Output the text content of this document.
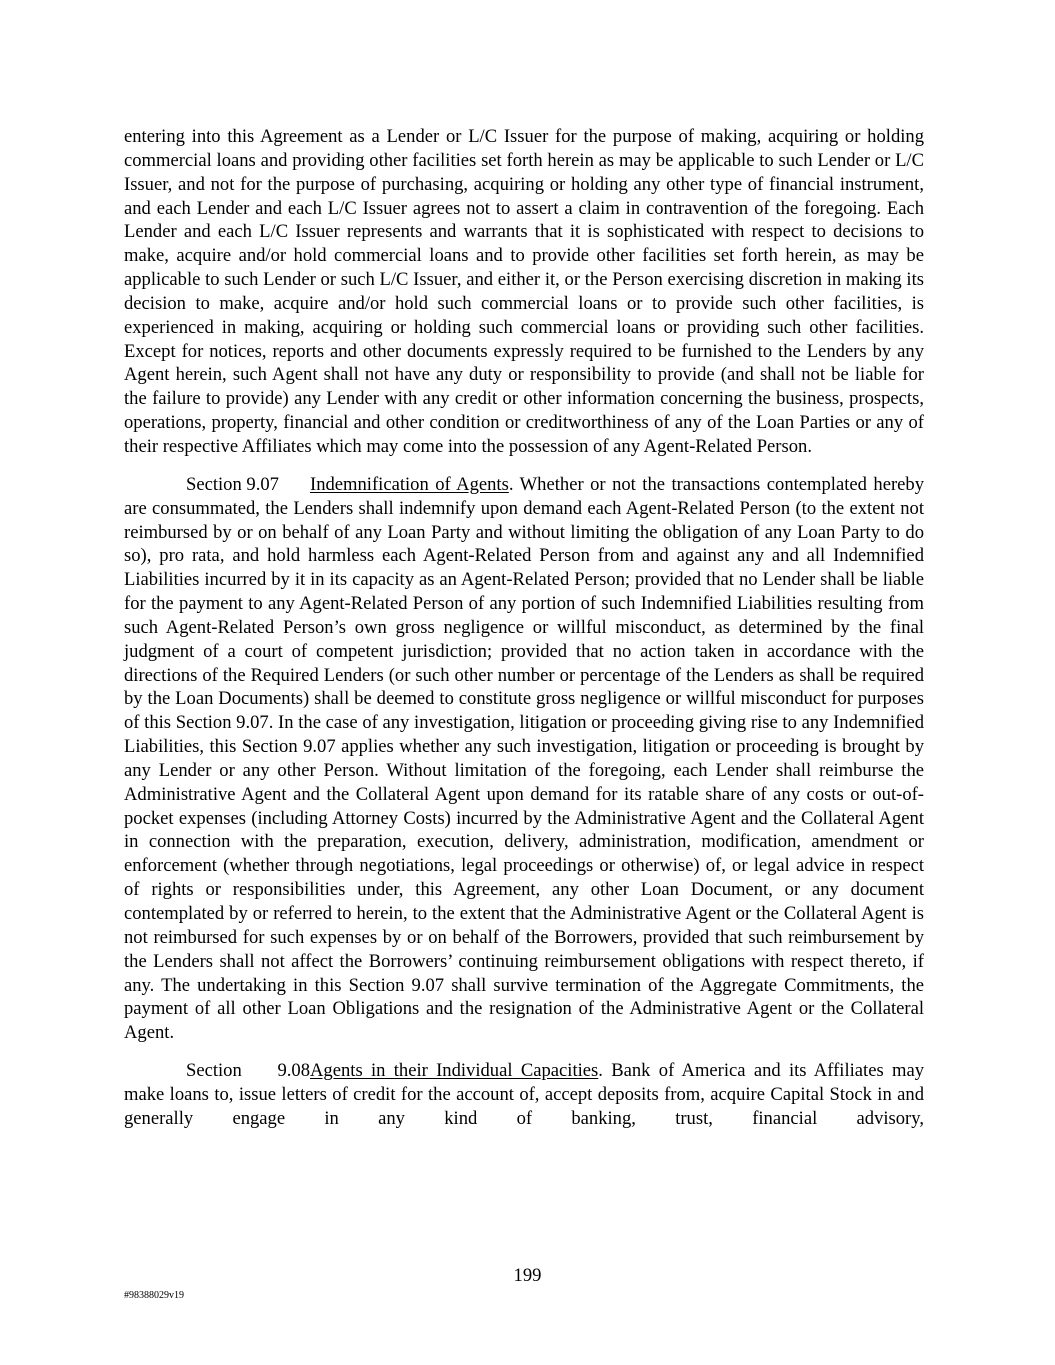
entering into this Agreement as a Lender or L/C Issuer for the purpose of making, acquiring or holding commercial loans and providing other facilities set forth herein as may be applicable to such Lender or L/C Issuer, and not for the purpose of purchasing, acquiring or holding any other type of financial instrument, and each Lender and each L/C Issuer agrees not to assert a claim in contravention of the foregoing. Each Lender and each L/C Issuer represents and warrants that it is sophisticated with respect to decisions to make, acquire and/or hold commercial loans and to provide other facilities set forth herein, as may be applicable to such Lender or such L/C Issuer, and either it, or the Person exercising discretion in making its decision to make, acquire and/or hold such commercial loans or to provide such other facilities, is experienced in making, acquiring or holding such commercial loans or providing such other facilities. Except for notices, reports and other documents expressly required to be furnished to the Lenders by any Agent herein, such Agent shall not have any duty or responsibility to provide (and shall not be liable for the failure to provide) any Lender with any credit or other information concerning the business, prospects, operations, property, financial and other condition or creditworthiness of any of the Loan Parties or any of their respective Affiliates which may come into the possession of any Agent-Related Person.

Section 9.07 Indemnification of Agents. Whether or not the transactions contemplated hereby are consummated, the Lenders shall indemnify upon demand each Agent-Related Person (to the extent not reimbursed by or on behalf of any Loan Party and without limiting the obligation of any Loan Party to do so), pro rata, and hold harmless each Agent-Related Person from and against any and all Indemnified Liabilities incurred by it in its capacity as an Agent-Related Person; provided that no Lender shall be liable for the payment to any Agent-Related Person of any portion of such Indemnified Liabilities resulting from such Agent-Related Person’s own gross negligence or willful misconduct, as determined by the final judgment of a court of competent jurisdiction; provided that no action taken in accordance with the directions of the Required Lenders (or such other number or percentage of the Lenders as shall be required by the Loan Documents) shall be deemed to constitute gross negligence or willful misconduct for purposes of this Section 9.07. In the case of any investigation, litigation or proceeding giving rise to any Indemnified Liabilities, this Section 9.07 applies whether any such investigation, litigation or proceeding is brought by any Lender or any other Person. Without limitation of the foregoing, each Lender shall reimburse the Administrative Agent and the Collateral Agent upon demand for its ratable share of any costs or out-of-pocket expenses (including Attorney Costs) incurred by the Administrative Agent and the Collateral Agent in connection with the preparation, execution, delivery, administration, modification, amendment or enforcement (whether through negotiations, legal proceedings or otherwise) of, or legal advice in respect of rights or responsibilities under, this Agreement, any other Loan Document, or any document contemplated by or referred to herein, to the extent that the Administrative Agent or the Collateral Agent is not reimbursed for such expenses by or on behalf of the Borrowers, provided that such reimbursement by the Lenders shall not affect the Borrowers’ continuing reimbursement obligations with respect thereto, if any. The undertaking in this Section 9.07 shall survive termination of the Aggregate Commitments, the payment of all other Loan Obligations and the resignation of the Administrative Agent or the Collateral Agent.

Section 9.08Agents in their Individual Capacities. Bank of America and its Affiliates may make loans to, issue letters of credit for the account of, accept deposits from, acquire Capital Stock in and generally engage in any kind of banking, trust, financial advisory,

199
#98388029v19
